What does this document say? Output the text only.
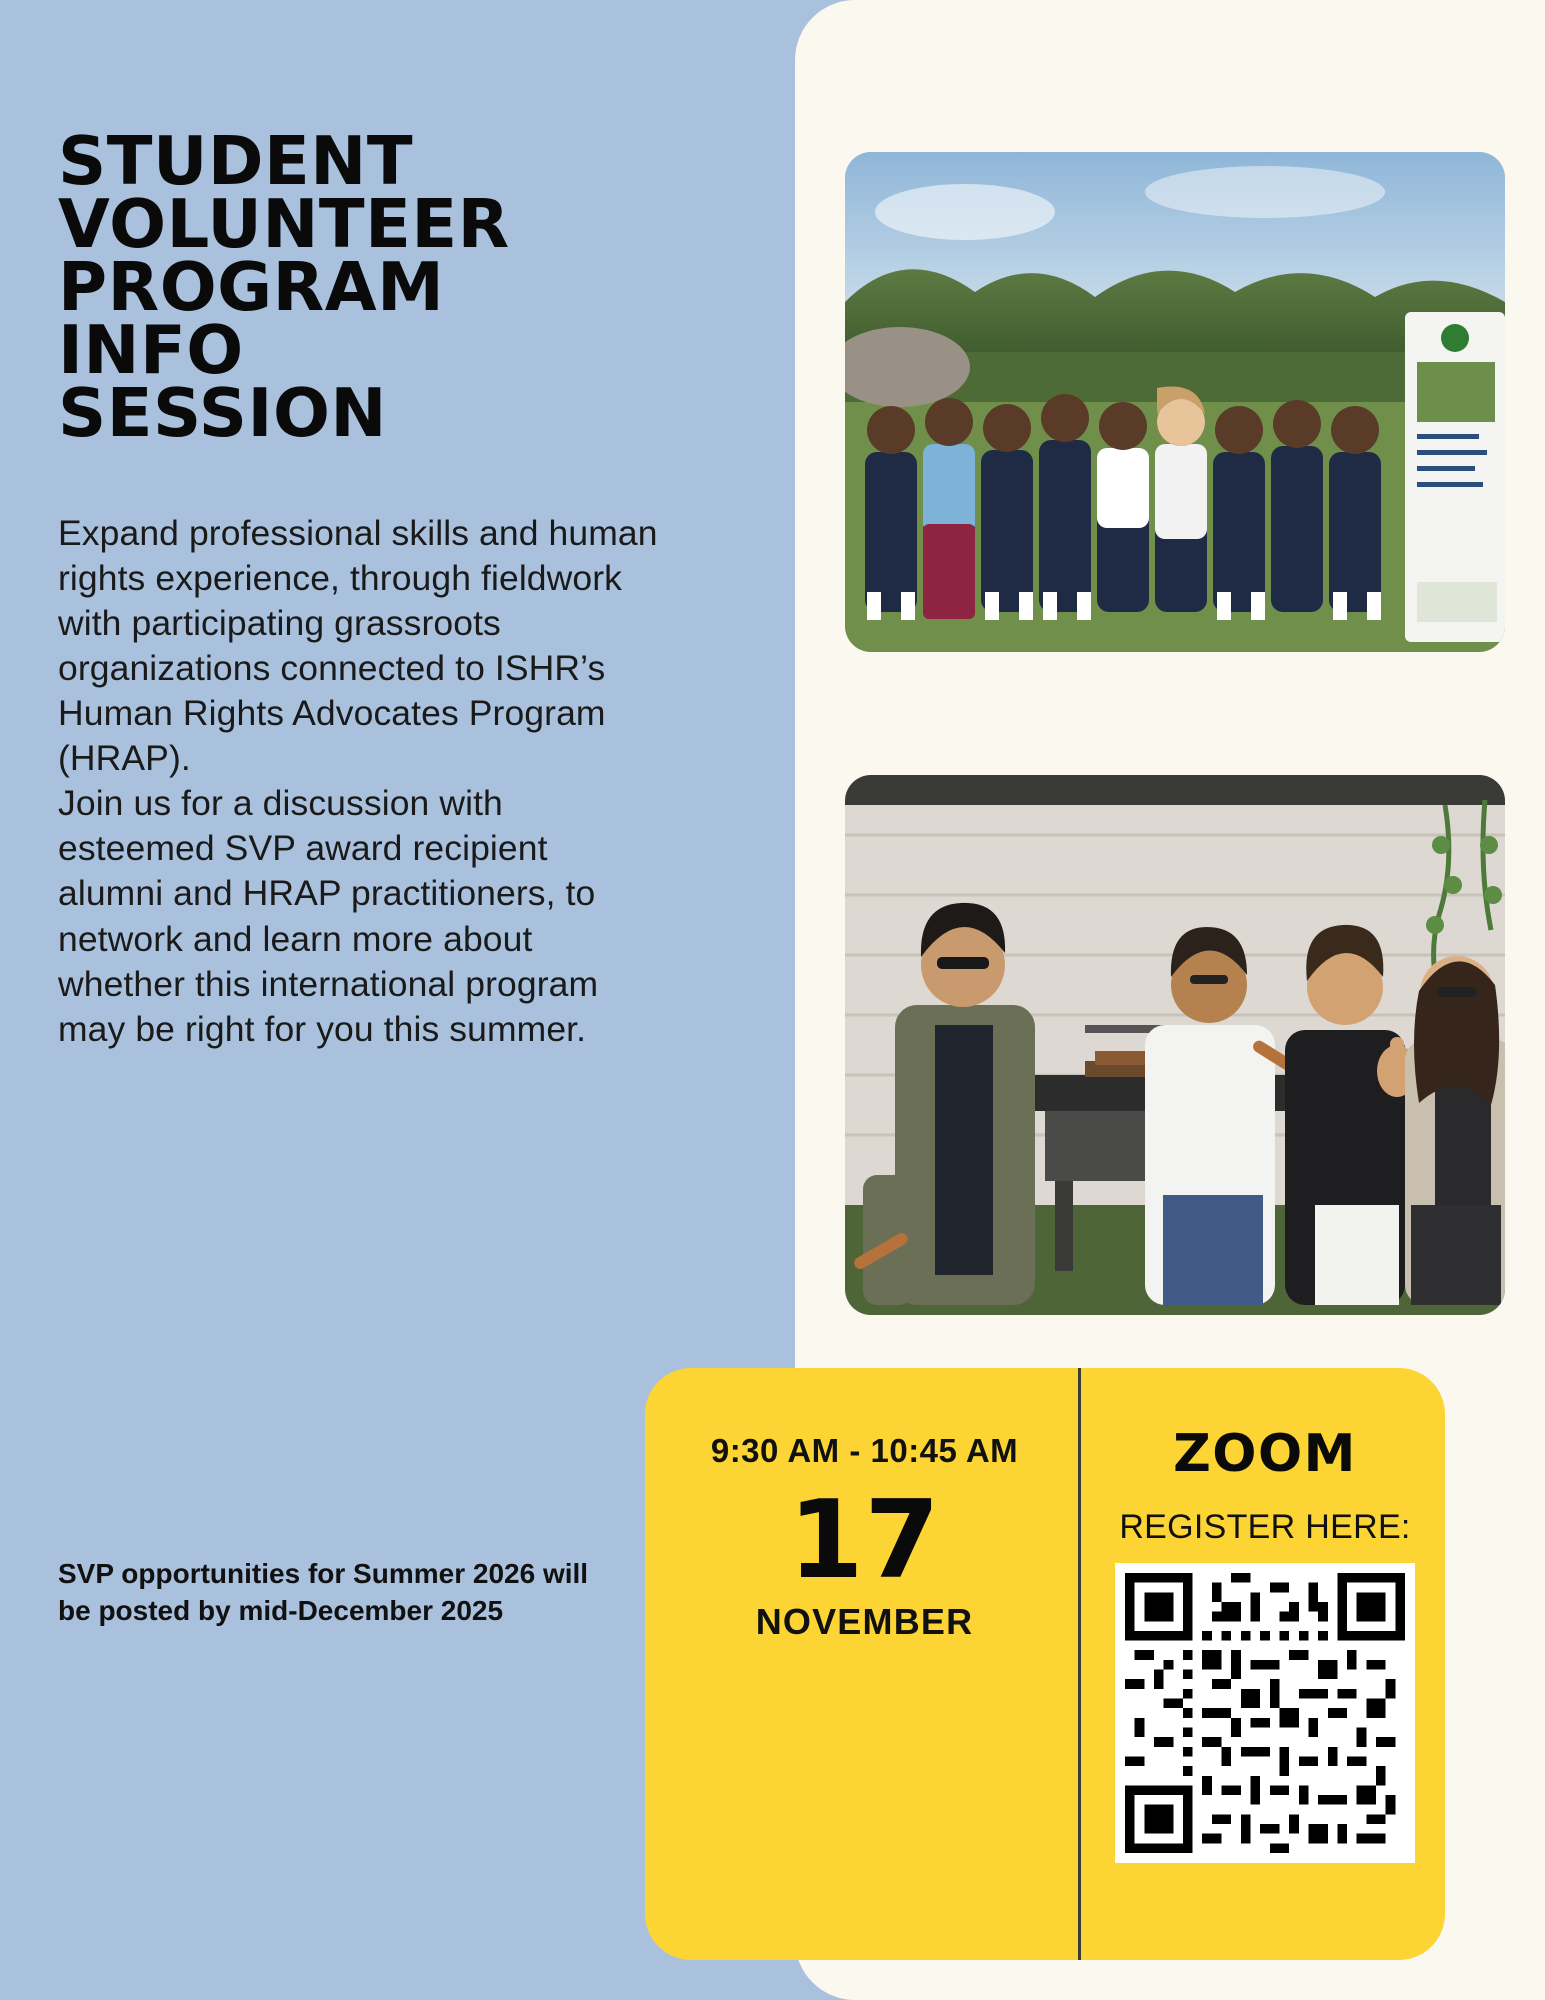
STUDENT
VOLUNTEER
PROGRAM
INFO
SESSION

Expand professional skills and human rights experience, through fieldwork with participating grassroots organizations connected to ISHR’s Human Rights Advocates Program (HRAP).

Join us for a discussion with esteemed SVP award recipient alumni and HRAP practitioners, to network and learn more about whether this international program may be right for you this summer.

SVP opportunities for Summer 2026 will be posted by mid-December 2025
9:30 AM - 10:45 AM
17
NOVEMBER
ZOOM
REGISTER HERE:
